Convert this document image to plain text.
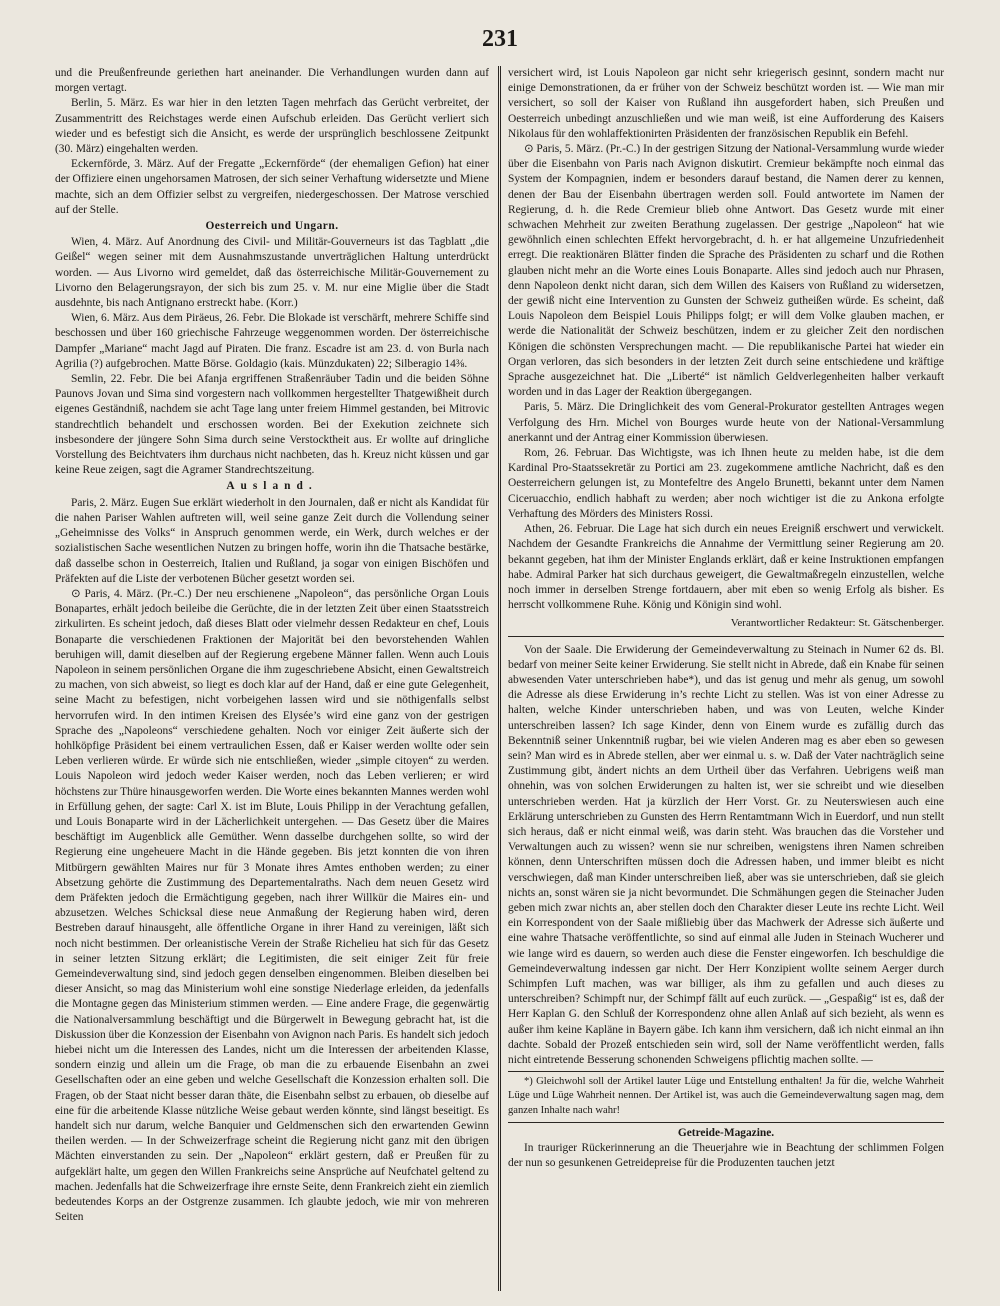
231

und die Preußenfreunde geriethen hart aneinander. Die Verhandlungen wurden dann auf morgen vertagt.

Berlin, 5. März. Es war hier in den letzten Tagen mehrfach das Gerücht verbreitet, der Zusammentritt des Reichstages werde einen Aufschub erleiden. Das Gerücht verliert sich wieder und es befestigt sich die Ansicht, es werde der ursprünglich beschlossene Zeitpunkt (30. März) eingehalten werden.

Eckernförde, 3. März. Auf der Fregatte „Eckernförde“ (der ehemaligen Gefion) hat einer der Offiziere einen ungehorsamen Matrosen, der sich seiner Verhaftung widersetzte und Miene machte, sich an dem Offizier selbst zu vergreifen, niedergeschossen. Der Matrose verschied auf der Stelle.

Oesterreich und Ungarn.

Wien, 4. März. Auf Anordnung des Civil- und Militär-Gouverneurs ist das Tagblatt „die Geißel“ wegen seiner mit dem Ausnahmszustande unverträglichen Haltung unterdrückt worden. — Aus Livorno wird gemeldet, daß das österreichische Militär-Gouvernement zu Livorno den Belagerungsrayon, der sich bis zum 25. v. M. nur eine Miglie über die Stadt ausdehnte, bis nach Antignano erstreckt habe. (Korr.)

Wien, 6. März. Aus dem Piräeus, 26. Febr. Die Blokade ist verschärft, mehrere Schiffe sind beschossen und über 160 griechische Fahrzeuge weggenommen worden. Der österreichische Dampfer „Mariane“ macht Jagd auf Piraten. Die franz. Escadre ist am 23. d. von Burla nach Agrilia (?) aufgebrochen. Matte Börse. Goldagio (kais. Münzdukaten) 22; Silberagio 14⅜.

Semlin, 22. Febr. Die bei Afanja ergriffenen Straßenräuber Tadin und die beiden Söhne Paunovs Jovan und Sima sind vorgestern nach vollkommen hergestellter Thatgewißheit durch eigenes Geständniß, nachdem sie acht Tage lang unter freiem Himmel gestanden, bei Mitrovic standrechtlich behandelt und erschossen worden. Bei der Exekution zeichnete sich insbesondere der jüngere Sohn Sima durch seine Verstocktheit aus. Er wollte auf dringliche Vorstellung des Beichtvaters ihm durchaus nicht nachbeten, das h. Kreuz nicht küssen und gar keine Reue zeigen, sagt die Agramer Standrechtszeitung.

Ausland.

Paris, 2. März. Eugen Sue erklärt wiederholt in den Journalen, daß er nicht als Kandidat für die nahen Pariser Wahlen auftreten will, weil seine ganze Zeit durch die Vollendung seiner „Geheimnisse des Volks“ in Anspruch genommen werde, ein Werk, durch welches er der sozialistischen Sache wesentlichen Nutzen zu bringen hoffe, worin ihn die Thatsache bestärke, daß dasselbe schon in Oesterreich, Italien und Rußland, ja sogar von einigen Bischöfen und Präfekten auf die Liste der verbotenen Bücher gesetzt worden sei.

⊙ Paris, 4. März. (Pr.-C.) Der neu erschienene „Napoleon“, das persönliche Organ Louis Bonapartes, erhält jedoch beileibe die Gerüchte, die in der letzten Zeit über einen Staatsstreich zirkulirten. Es scheint jedoch, daß dieses Blatt oder vielmehr dessen Redakteur en chef, Louis Bonaparte die verschiedenen Fraktionen der Majorität bei den bevorstehenden Wahlen beruhigen will, damit dieselben auf der Regierung ergebene Männer fallen. Wenn auch Louis Napoleon in seinem persönlichen Organe die ihm zugeschriebene Absicht, einen Gewaltstreich zu machen, von sich abweist, so liegt es doch klar auf der Hand, daß er eine gute Gelegenheit, seine Macht zu befestigen, nicht vorbeigehen lassen wird und sie nöthigenfalls selbst hervorrufen wird. In den intimen Kreisen des Elysée’s wird eine ganz von der gestrigen Sprache des „Napoleons“ verschiedene gehalten. Noch vor einiger Zeit äußerte sich der hohlköpfige Präsident bei einem vertraulichen Essen, daß er Kaiser werden wollte oder sein Leben verlieren würde. Er würde sich nie entschließen, wieder „simple citoyen“ zu werden. Louis Napoleon wird jedoch weder Kaiser werden, noch das Leben verlieren; er wird höchstens zur Thüre hinausgeworfen werden. Die Worte eines bekannten Mannes werden wohl in Erfüllung gehen, der sagte: Carl X. ist im Blute, Louis Philipp in der Verachtung gefallen, und Louis Bonaparte wird in der Lächerlichkeit untergehen. — Das Gesetz über die Maires beschäftigt im Augenblick alle Gemüther. Wenn dasselbe durchgehen sollte, so wird der Regierung eine ungeheuere Macht in die Hände gegeben. Bis jetzt konnten die von ihren Mitbürgern gewählten Maires nur für 3 Monate ihres Amtes enthoben werden; zu einer Absetzung gehörte die Zustimmung des Departementalraths. Nach dem neuen Gesetz wird dem Präfekten jedoch die Ermächtigung gegeben, nach ihrer Willkür die Maires ein- und abzusetzen. Welches Schicksal diese neue Anmaßung der Regierung haben wird, deren Bestreben darauf hinausgeht, alle öffentliche Organe in ihrer Hand zu vereinigen, läßt sich noch nicht bestimmen. Der orleanistische Verein der Straße Richelieu hat sich für das Gesetz in seiner letzten Sitzung erklärt; die Legitimisten, die seit einiger Zeit für freie Gemeindeverwaltung sind, sind jedoch gegen denselben eingenommen. Bleiben dieselben bei dieser Ansicht, so mag das Ministerium wohl eine sonstige Niederlage erleiden, da jedenfalls die Montagne gegen das Ministerium stimmen werden. — Eine andere Frage, die gegenwärtig die Nationalversammlung beschäftigt und die Bürgerwelt in Bewegung gebracht hat, ist die Diskussion über die Konzession der Eisenbahn von Avignon nach Paris. Es handelt sich jedoch hiebei nicht um die Interessen des Landes, nicht um die Interessen der arbeitenden Klasse, sondern einzig und allein um die Frage, ob man die zu erbauende Eisenbahn an zwei Gesellschaften oder an eine geben und welche Gesellschaft die Konzession erhalten soll. Die Fragen, ob der Staat nicht besser daran thäte, die Eisenbahn selbst zu erbauen, ob dieselbe auf eine für die arbeitende Klasse nützliche Weise gebaut werden könnte, sind längst beseitigt. Es handelt sich nur darum, welche Banquier und Geldmenschen sich den erwartenden Gewinn theilen werden. — In der Schweizerfrage scheint die Regierung nicht ganz mit den übrigen Mächten einverstanden zu sein. Der „Napoleon“ erklärt gestern, daß er Preußen für zu aufgeklärt halte, um gegen den Willen Frankreichs seine Ansprüche auf Neufchatel geltend zu machen. Jedenfalls hat die Schweizerfrage ihre ernste Seite, denn Frankreich zieht ein ziemlich bedeutendes Korps an der Ostgrenze zusammen. Ich glaubte jedoch, wie mir von mehreren Seiten

versichert wird, ist Louis Napoleon gar nicht sehr kriegerisch gesinnt, sondern macht nur einige Demonstrationen, da er früher von der Schweiz beschützt worden ist. — Wie man mir versichert, so soll der Kaiser von Rußland ihn ausgefordert haben, sich Preußen und Oesterreich unbedingt anzuschließen und wie man weiß, ist eine Aufforderung des Kaisers Nikolaus für den wohlaffektionirten Präsidenten der französischen Republik ein Befehl.

⊙ Paris, 5. März. (Pr.-C.) In der gestrigen Sitzung der National-Versammlung wurde wieder über die Eisenbahn von Paris nach Avignon diskutirt. Cremieur bekämpfte noch einmal das System der Kompagnien, indem er besonders darauf bestand, die Namen derer zu kennen, denen der Bau der Eisenbahn übertragen werden soll. Fould antwortete im Namen der Regierung, d. h. die Rede Cremieur blieb ohne Antwort. Das Gesetz wurde mit einer schwachen Mehrheit zur zweiten Berathung zugelassen. Der gestrige „Napoleon“ hat wie gewöhnlich einen schlechten Effekt hervorgebracht, d. h. er hat allgemeine Unzufriedenheit erregt. Die reaktionären Blätter finden die Sprache des Präsidenten zu scharf und die Rothen glauben nicht mehr an die Worte eines Louis Bonaparte. Alles sind jedoch auch nur Phrasen, denn Napoleon denkt nicht daran, sich dem Willen des Kaisers von Rußland zu widersetzen, der gewiß nicht eine Intervention zu Gunsten der Schweiz gutheißen würde. Es scheint, daß Louis Napoleon dem Beispiel Louis Philipps folgt; er will dem Volke glauben machen, er werde die Nationalität der Schweiz beschützen, indem er zu gleicher Zeit den nordischen Königen die schönsten Versprechungen macht. — Die republikanische Partei hat wieder ein Organ verloren, das sich besonders in der letzten Zeit durch seine entschiedene und kräftige Sprache ausgezeichnet hat. Die „Liberté“ ist nämlich Geldverlegenheiten halber verkauft worden und in das Lager der Reaktion übergegangen.

Paris, 5. März. Die Dringlichkeit des vom General-Prokurator gestellten Antrages wegen Verfolgung des Hrn. Michel von Bourges wurde heute von der National-Versammlung anerkannt und der Antrag einer Kommission überwiesen.

Rom, 26. Februar. Das Wichtigste, was ich Ihnen heute zu melden habe, ist die dem Kardinal Pro-Staatssekretär zu Portici am 23. zugekommene amtliche Nachricht, daß es den Oesterreichern gelungen ist, zu Montefeltre des Angelo Brunetti, bekannt unter dem Namen Ciceruacchio, endlich habhaft zu werden; aber noch wichtiger ist die zu Ankona erfolgte Verhaftung des Mörders des Ministers Rossi.

Athen, 26. Februar. Die Lage hat sich durch ein neues Ereigniß erschwert und verwickelt. Nachdem der Gesandte Frankreichs die Annahme der Vermittlung seiner Regierung am 20. bekannt gegeben, hat ihm der Minister Englands erklärt, daß er keine Instruktionen empfangen habe. Admiral Parker hat sich durchaus geweigert, die Gewaltmaßregeln einzustellen, welche noch immer in derselben Strenge fortdauern, aber mit eben so wenig Erfolg als bisher. Es herrscht vollkommene Ruhe. König und Königin sind wohl.

Verantwortlicher Redakteur: St. Gätschenberger.

Von der Saale. Die Erwiderung der Gemeindeverwaltung zu Steinach in Numer 62 ds. Bl. bedarf von meiner Seite keiner Erwiderung. Sie stellt nicht in Abrede, daß ein Knabe für seinen abwesenden Vater unterschrieben habe*), und das ist genug und mehr als genug, um sowohl die Adresse als diese Erwiderung in’s rechte Licht zu stellen. Was ist von einer Adresse zu halten, welche Kinder unterschrieben haben, und was von Leuten, welche Kinder unterschreiben lassen? Ich sage Kinder, denn von Einem wurde es zufällig durch das Bekenntniß seiner Unkenntniß rugbar, bei wie vielen Anderen mag es aber eben so gewesen sein? Man wird es in Abrede stellen, aber wer einmal u. s. w. Daß der Vater nachträglich seine Zustimmung gibt, ändert nichts an dem Urtheil über das Verfahren. Uebrigens weiß man ohnehin, was von solchen Erwiderungen zu halten ist, wer sie schreibt und wie dieselben unterschrieben werden. Hat ja kürzlich der Herr Vorst. Gr. zu Neuterswiesen auch eine Erklärung unterschrieben zu Gunsten des Herrn Rentamtmann Wich in Euerdorf, und nun stellt sich heraus, daß er nicht einmal weiß, was darin steht. Was brauchen das die Vorsteher und Verwaltungen auch zu wissen? wenn sie nur schreiben, wenigstens ihren Namen schreiben können, denn Unterschriften müssen doch die Adressen haben, und immer bleibt es nicht verschwiegen, daß man Kinder unterschreiben ließ, aber was sie unterschrieben, daß sie gleich nichts an, sonst wären sie ja nicht bevormundet. Die Schmähungen gegen die Steinacher Juden geben mich zwar nichts an, aber stellen doch den Charakter dieser Leute ins rechte Licht. Weil ein Korrespondent von der Saale mißliebig über das Machwerk der Adresse sich äußerte und eine wahre Thatsache veröffentlichte, so sind auf einmal alle Juden in Steinach Wucherer und wie lange wird es dauern, so werden auch diese die Fenster eingeworfen. Ich beschuldige die Gemeindeverwaltung indessen gar nicht. Der Herr Konzipient wollte seinem Aerger durch Schimpfen Luft machen, was war billiger, als ihm zu gefallen und auch dieses zu unterschreiben? Schimpft nur, der Schimpf fällt auf euch zurück. — „Gespaßig“ ist es, daß der Herr Kaplan G. den Schluß der Korrespondenz ohne allen Anlaß auf sich bezieht, als wenn es außer ihm keine Kapläne in Bayern gäbe. Ich kann ihm versichern, daß ich nicht einmal an ihn dachte. Sobald der Prozeß entschieden sein wird, soll der Name veröffentlicht werden, falls nicht eintretende Besserung schonenden Schweigens pflichtig machen sollte. —

*) Gleichwohl soll der Artikel lauter Lüge und Entstellung enthalten! Ja für die, welche Wahrheit Lüge und Lüge Wahrheit nennen. Der Artikel ist, was auch die Gemeindeverwaltung sagen mag, dem ganzen Inhalte nach wahr!

Getreide-Magazine.

In trauriger Rückerinnerung an die Theuerjahre wie in Beachtung der schlimmen Folgen der nun so gesunkenen Getreidepreise für die Produzenten tauchen jetzt
